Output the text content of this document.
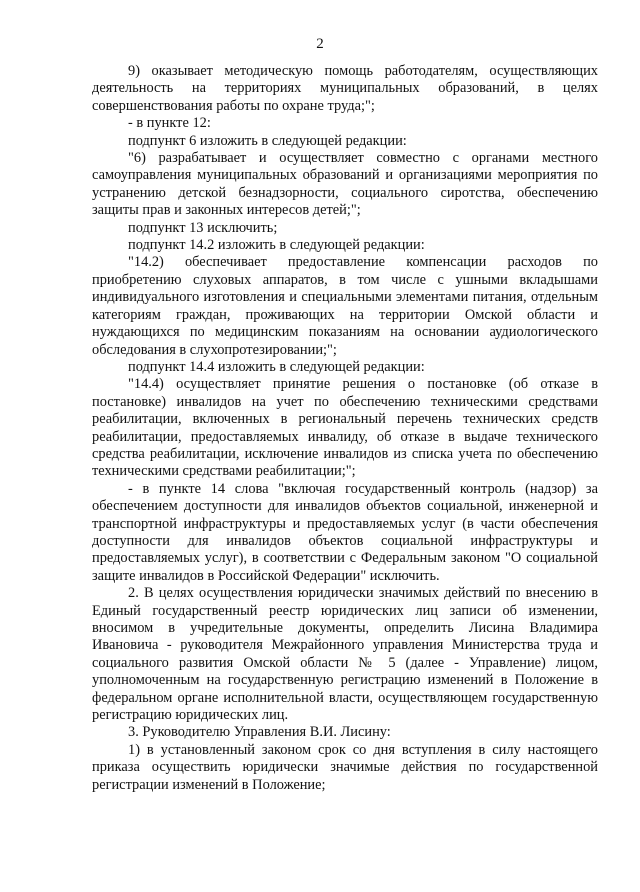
2

9) оказывает методическую помощь работодателям, осуществляющих деятельность на территориях муниципальных образований, в целях совершенствования работы по охране труда;";

- в пункте 12:

подпункт 6 изложить в следующей редакции:

"6) разрабатывает и осуществляет совместно с органами местного самоуправления муниципальных образований и организациями мероприятия по устранению детской безнадзорности, социального сиротства, обеспечению защиты прав и законных интересов детей;";

подпункт 13 исключить;

подпункт 14.2 изложить в следующей редакции:

"14.2) обеспечивает предоставление компенсации расходов по приобретению слуховых аппаратов, в том числе с ушными вкладышами индивидуального изготовления и специальными элементами питания, отдельным категориям граждан, проживающих на территории Омской области и нуждающихся по медицинским показаниям на основании аудиологического обследования в слухопротезировании;";

подпункт 14.4 изложить в следующей редакции:

"14.4) осуществляет принятие решения о постановке (об отказе в постановке) инвалидов на учет по обеспечению техническими средствами реабилитации, включенных в региональный перечень технических средств реабилитации, предоставляемых инвалиду, об отказе в выдаче технического средства реабилитации, исключение инвалидов из списка учета по обеспечению техническими средствами реабилитации;";

- в пункте 14 слова "включая государственный контроль (надзор) за обеспечением доступности для инвалидов объектов социальной, инженерной и транспортной инфраструктуры и предоставляемых услуг (в части обеспечения доступности для инвалидов объектов социальной инфраструктуры и предоставляемых услуг), в соответствии с Федеральным законом "О социальной защите инвалидов в Российской Федерации" исключить.

2. В целях осуществления юридически значимых действий по внесению в Единый государственный реестр юридических лиц записи об изменении, вносимом в учредительные документы, определить Лисина Владимира Ивановича - руководителя Межрайонного управления Министерства труда и социального развития Омской области № 5 (далее - Управление) лицом, уполномоченным на государственную регистрацию изменений в Положение в федеральном органе исполнительной власти, осуществляющем государственную регистрацию юридических лиц.

3. Руководителю Управления В.И. Лисину:

1) в установленный законом срок со дня вступления в силу настоящего приказа осуществить юридически значимые действия по государственной регистрации изменений в Положение;
